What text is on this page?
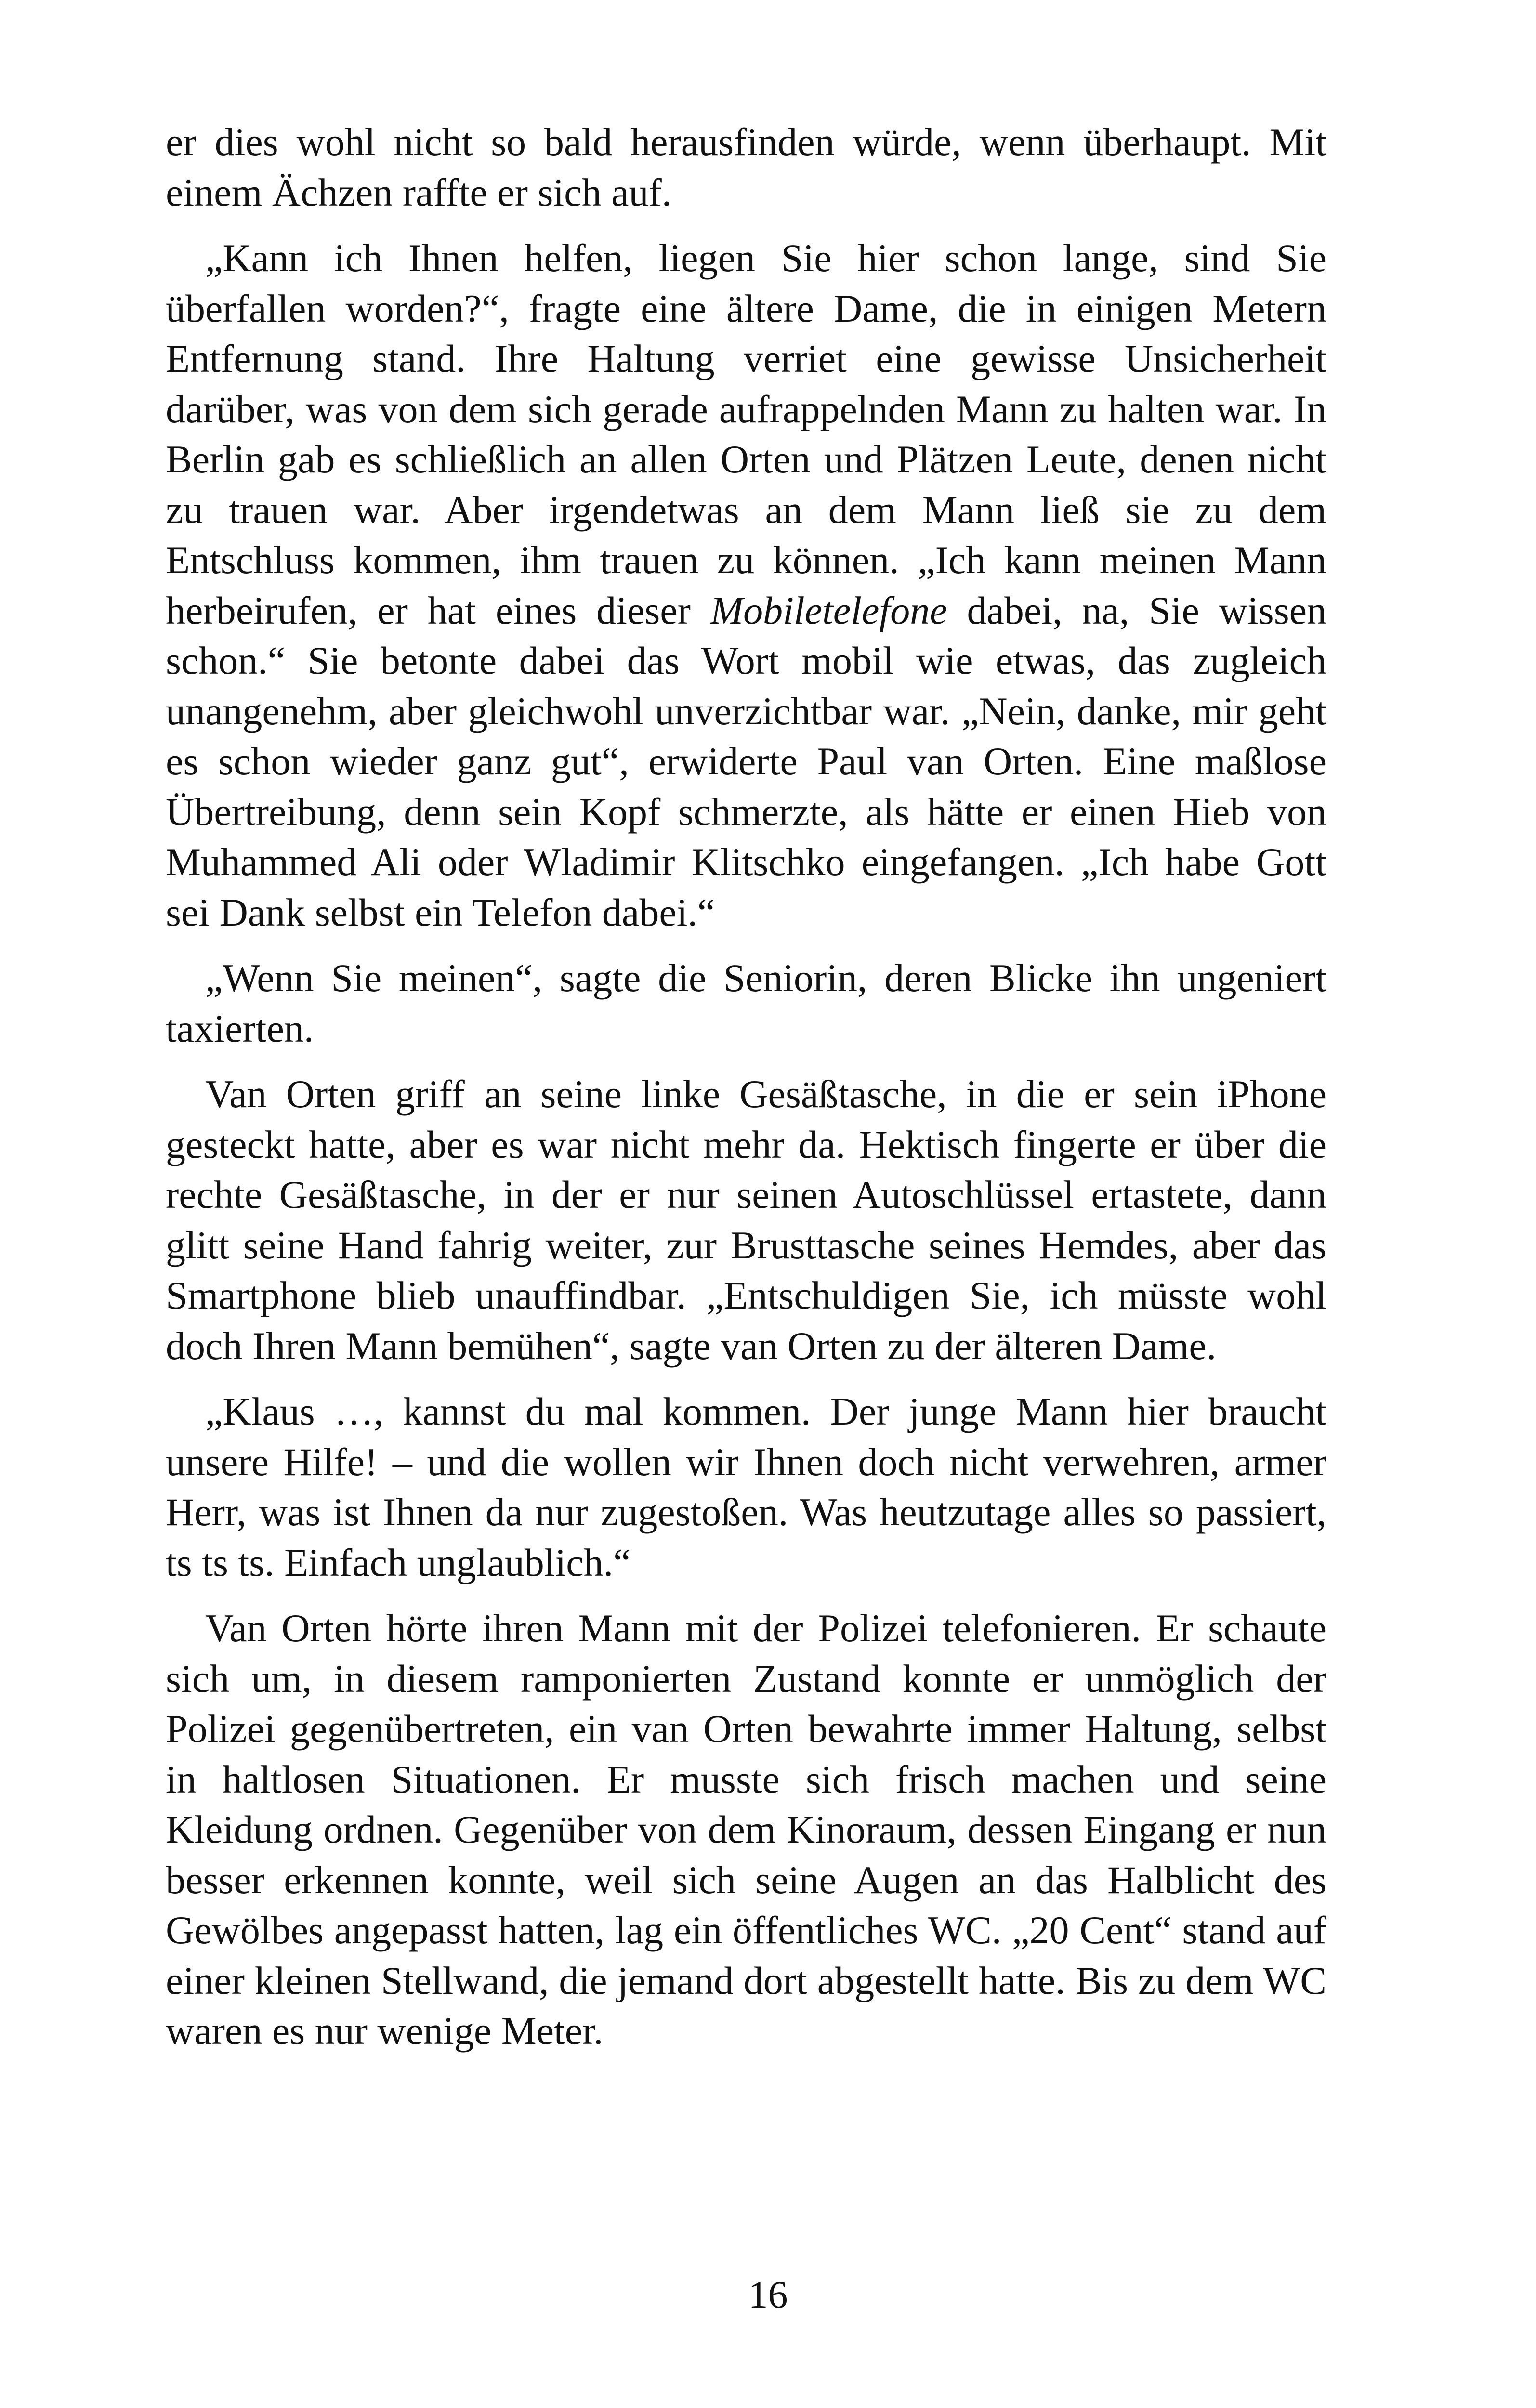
er dies wohl nicht so bald herausfinden würde, wenn überhaupt. Mit einem Ächzen raffte er sich auf.

„Kann ich Ihnen helfen, liegen Sie hier schon lange, sind Sie überfallen worden?“, fragte eine ältere Dame, die in einigen Metern Entfernung stand. Ihre Haltung verriet eine gewisse Unsicherheit darüber, was von dem sich gerade aufrappelnden Mann zu halten war. In Berlin gab es schließlich an allen Orten und Plätzen Leute, denen nicht zu trauen war. Aber irgendetwas an dem Mann ließ sie zu dem Entschluss kommen, ihm trauen zu können. „Ich kann meinen Mann herbeirufen, er hat eines dieser Mobiletelefone dabei, na, Sie wissen schon.“ Sie betonte dabei das Wort mobil wie etwas, das zugleich unangenehm, aber gleichwohl unverzichtbar war. „Nein, danke, mir geht es schon wieder ganz gut“, erwiderte Paul van Orten. Eine maßlose Übertreibung, denn sein Kopf schmerzte, als hätte er einen Hieb von Muhammed Ali oder Wladimir Klitschko eingefangen. „Ich habe Gott sei Dank selbst ein Telefon dabei.“

„Wenn Sie meinen“, sagte die Seniorin, deren Blicke ihn ungeniert taxierten.

Van Orten griff an seine linke Gesäßtasche, in die er sein iPhone gesteckt hatte, aber es war nicht mehr da. Hektisch fingerte er über die rechte Gesäßtasche, in der er nur seinen Autoschlüssel ertastete, dann glitt seine Hand fahrig weiter, zur Brusttasche seines Hemdes, aber das Smartphone blieb unauffindbar. „Entschuldigen Sie, ich müsste wohl doch Ihren Mann bemühen“, sagte van Orten zu der älteren Dame.

„Klaus …, kannst du mal kommen. Der junge Mann hier braucht unsere Hilfe! – und die wollen wir Ihnen doch nicht verwehren, armer Herr, was ist Ihnen da nur zugestoßen. Was heutzutage alles so passiert, ts ts ts. Einfach unglaublich.“

Van Orten hörte ihren Mann mit der Polizei telefonieren. Er schaute sich um, in diesem ramponierten Zustand konnte er unmöglich der Polizei gegenübertreten, ein van Orten bewahrte immer Haltung, selbst in haltlosen Situationen. Er musste sich frisch machen und seine Kleidung ordnen. Gegenüber von dem Kinoraum, dessen Eingang er nun besser erkennen konnte, weil sich seine Augen an das Halblicht des Gewölbes angepasst hatten, lag ein öffentliches WC. „20 Cent“ stand auf einer kleinen Stellwand, die jemand dort abgestellt hatte. Bis zu dem WC waren es nur wenige Meter.

16
